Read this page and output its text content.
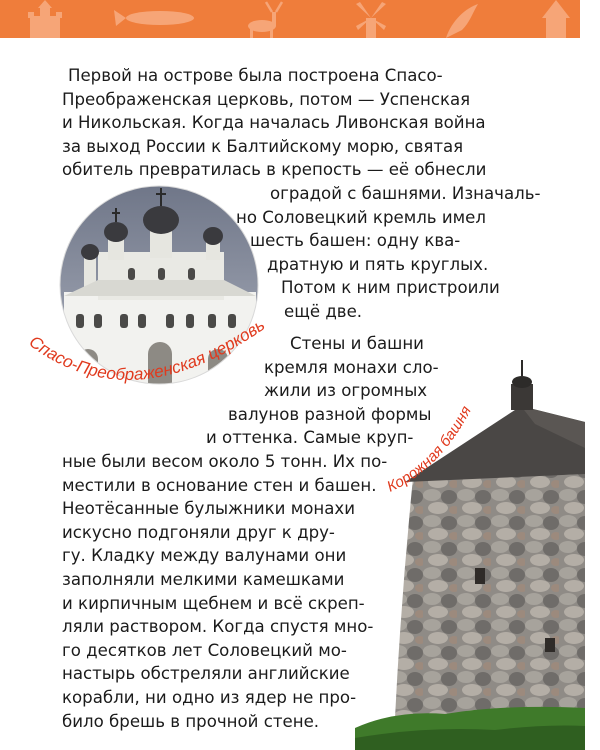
Первой на острове была построена Спасо-
Преображенская церковь, потом — Успенская
и Никольская. Когда началась Ливонская война
за выход России к Балтийскому морю, святая
обитель превратилась в крепость — её обнесли
оградой с башнями. Изначаль-
но Соловецкий кремль имел
шесть башен: одну ква-
дратную и пять круглых.
Потом к ним пристроили
ещё две.
Стены и башни
кремля монахи сло-
жили из огромных
валунов разной формы
и оттенка. Самые круп-
ные были весом около 5 тонн. Их по-
местили в основание стен и башен.
Неотёсанные булыжники монахи
искусно подгоняли друг к дру-
гу. Кладку между валунами они
заполняли мелкими камешками
и кирпичным щебнем и всё скреп-
ляли раствором. Когда спустя мно-
го десятков лет Соловецкий мо-
настырь обстреляли английские
корабли, ни одно из ядер не про-
било брешь в прочной стене.
Спасо-Преображенская церковь
Корожная башня
